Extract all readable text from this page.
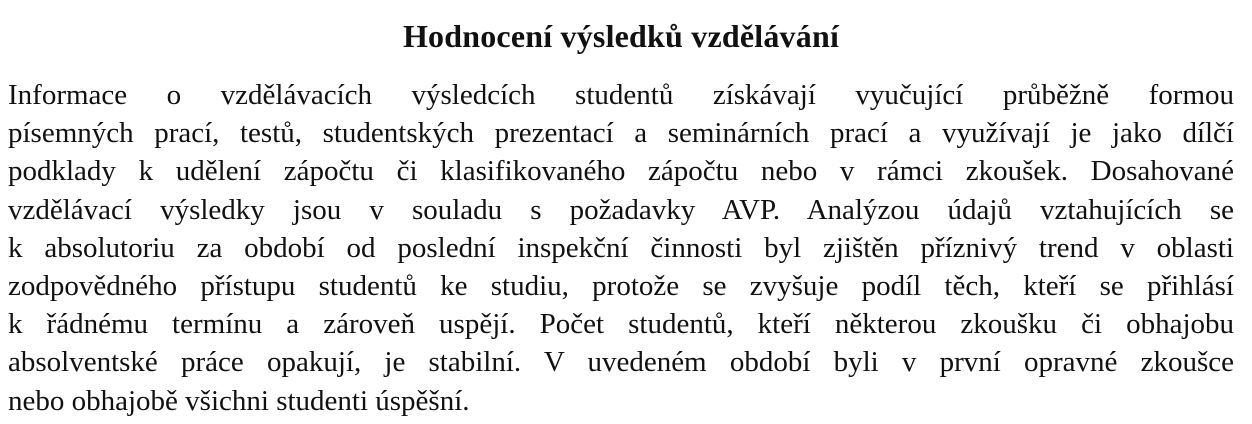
Hodnocení výsledků vzdělávání
Informace o vzdělávacích výsledcích studentů získávají vyučující průběžně formou
písemných prací, testů, studentských prezentací a seminárních prací a využívají je jako dílčí
podklady k udělení zápočtu či klasifikovaného zápočtu nebo v rámci zkoušek. Dosahované
vzdělávací výsledky jsou v souladu s požadavky AVP. Analýzou údajů vztahujících se
k absolutoriu za období od poslední inspekční činnosti byl zjištěn příznivý trend v oblasti
zodpovědného přístupu studentů ke studiu, protože se zvyšuje podíl těch, kteří se přihlásí
k řádnému termínu a zároveň uspějí. Počet studentů, kteří některou zkoušku či obhajobu
absolventské práce opakují, je stabilní. V uvedeném období byli v první opravné zkoušce
nebo obhajobě všichni studenti úspěšní.
